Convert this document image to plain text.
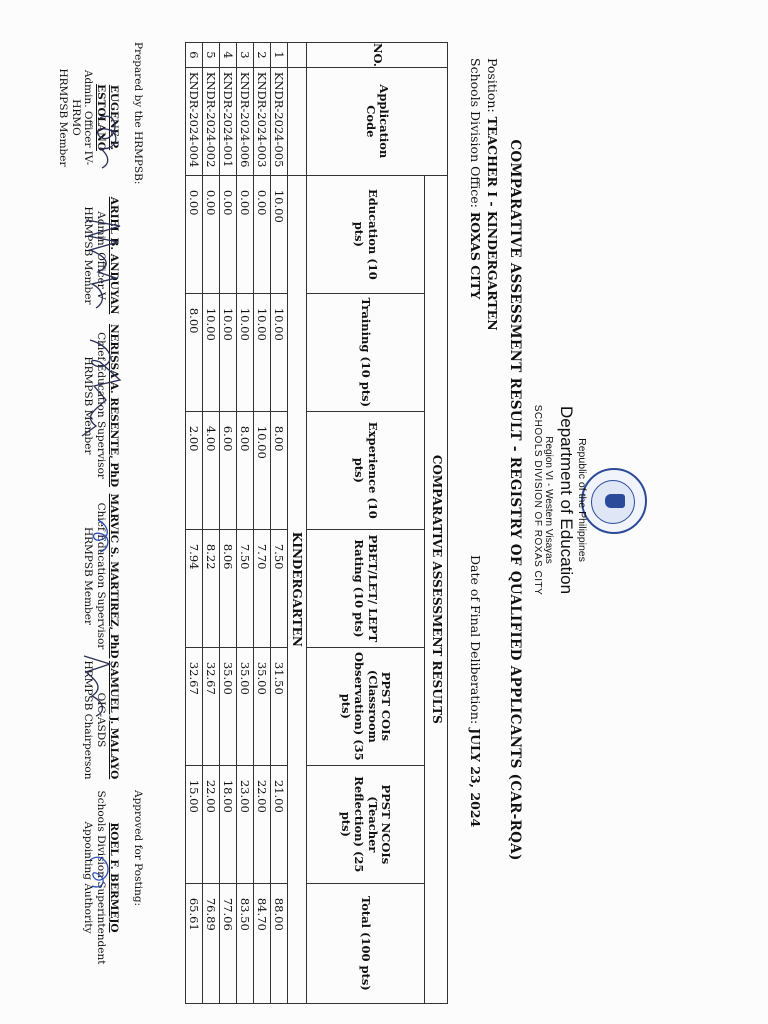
Republic of the Philippines
Department of Education
Region VI - Western Visayas
SCHOOLS DIVISION OF ROXAS CITY
COMPARATIVE ASSESSMENT RESULT - REGISTRY OF QUALIFIED APPLICANTS (CAR-RQA)
Position: TEACHER I - KINDERGARTEN
Schools Division Office: ROXAS CITY
Date of Final Deliberation: JULY 23, 2024
NO.	Application Code	COMPARATIVE ASSESSMENT RESULTS						
		Education (10 pts)	Training (10 pts)	Experience (10 pts)	PBET/LET/ LEPT Rating (10 pts)	PPST COIs (Classroom Observation) (35 pts)	PPST NCOIs (Teacher Reflection) (25 pts)	Total (100 pts)
		KINDERGARTEN						
1	KNDR-2024-005	10.00	10.00	8.00	7.50	31.50	21.00	88.00
2	KNDR-2024-003	0.00	10.00	10.00	7.70	35.00	22.00	84.70
3	KNDR-2024-006	0.00	10.00	8.00	7.50	35.00	23.00	83.50
4	KNDR-2024-001	0.00	10.00	6.00	8.06	35.00	18.00	77.06
5	KNDR-2024-002	0.00	10.00	4.00	8.22	32.67	22.00	76.89
6	KNDR-2024-004	0.00	8.00	2.00	7.94	32.67	15.00	65.61
Prepared by the HRMPSB:
Approved for Posting:
EUGENE P. ESTOLANO
Admin. Officer IV-
HRMO
HRMPSB Member
ARIEL B. ANDUYAN
Admin. Officer V
HRMPSB Member
NERISSA A. RESENTE, PhD
Chief Education Supervisor
HRMPSB Member
MARVIC S. MARTIREZ, PhD
Chief Education Supervisor
HRMPSB Member
SAMUEL J. MALAYO
OIC-ASDS
HRMPSB Chairperson
ROEL F. BERMEJO
Schools Division Superintendent
Appointing Authority
